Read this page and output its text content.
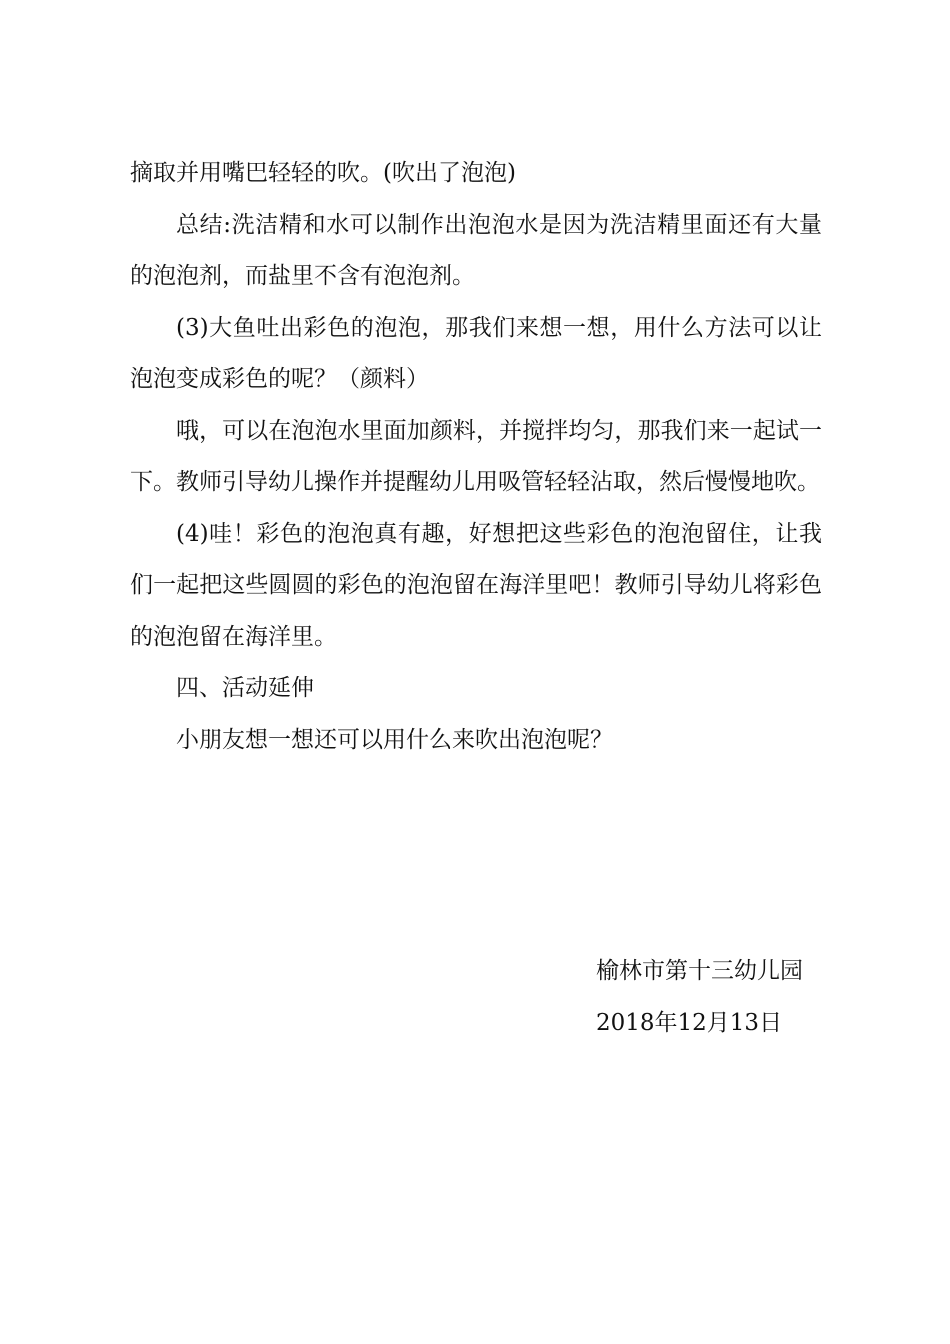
摘取并用嘴巴轻轻的吹。(吹出了泡泡)

总结:洗洁精和水可以制作出泡泡水是因为洗洁精里面还有大量的泡泡剂，而盐里不含有泡泡剂。

(3)大鱼吐出彩色的泡泡，那我们来想一想，用什么方法可以让泡泡变成彩色的呢？（颜料）

哦，可以在泡泡水里面加颜料，并搅拌均匀，那我们来一起试一下。教师引导幼儿操作并提醒幼儿用吸管轻轻沾取，然后慢慢地吹。

(4)哇！彩色的泡泡真有趣，好想把这些彩色的泡泡留住，让我们一起把这些圆圆的彩色的泡泡留在海洋里吧！教师引导幼儿将彩色的泡泡留在海洋里。

四、活动延伸

小朋友想一想还可以用什么来吹出泡泡呢？

榆林市第十三幼儿园
2018年12月13日
